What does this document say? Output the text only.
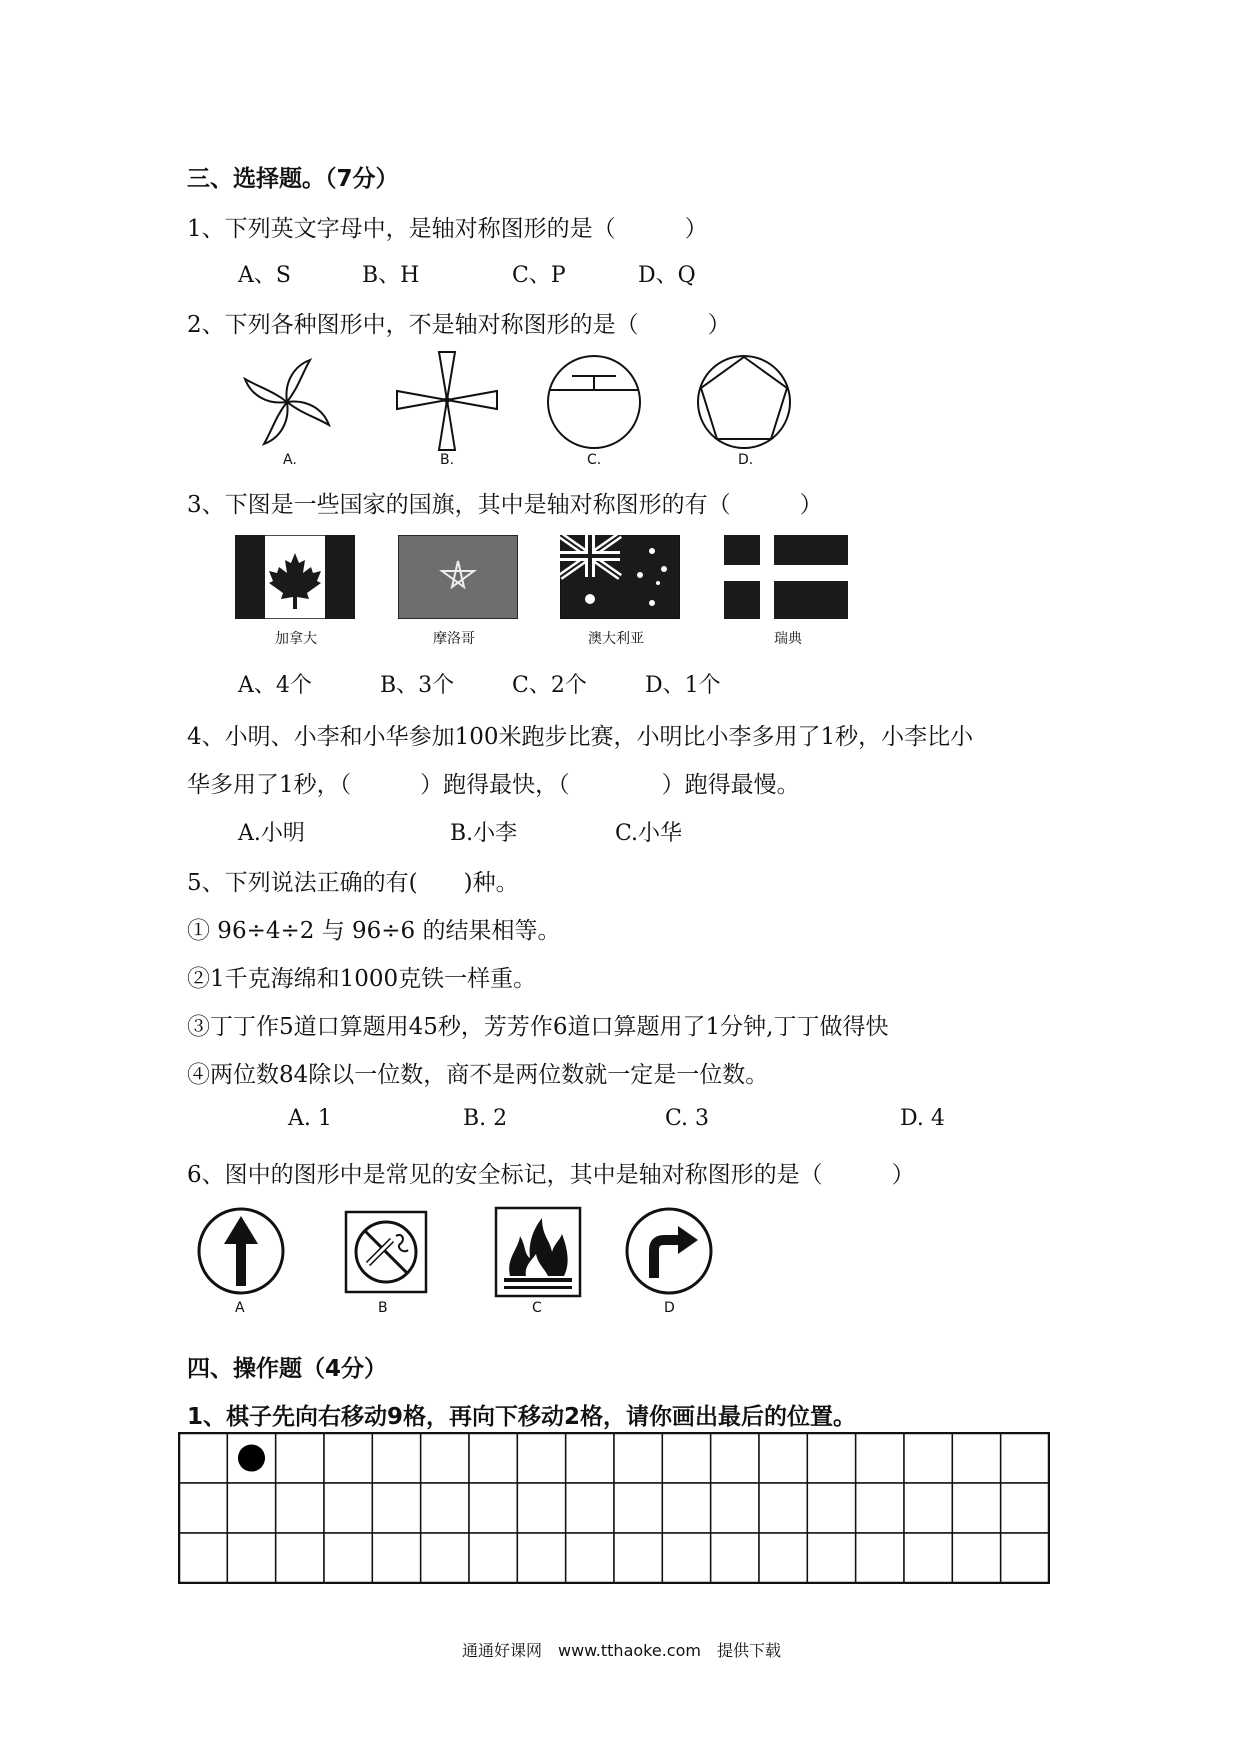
三、选择题。（7分）
1、下列英文字母中，是轴对称图形的是（　　　）
A、S	B、H	C、P	D、Q
2、下列各种图形中，不是轴对称图形的是（　　　）
A.	B.	C.	D.
3、下图是一些国家的国旗，其中是轴对称图形的有（　　　）
加拿大	摩洛哥	澳大利亚	瑞典
A、4个	B、3个	C、2个	D、1个
4、小明、小李和小华参加100米跑步比赛，小明比小李多用了1秒，小李比小
华多用了1秒，（　　　）跑得最快，（　　　　）跑得最慢。
A.小明	B.小李	C.小华
5、下列说法正确的有(　　)种。
① 96÷4÷2 与 96÷6 的结果相等。
②1千克海绵和1000克铁一样重。
③丁丁作5道口算题用45秒，芳芳作6道口算题用了1分钟,丁丁做得快
④两位数84除以一位数，商不是两位数就一定是一位数。
A. 1	B. 2	C. 3	D. 4
6、图中的图形中是常见的安全标记，其中是轴对称图形的是（　　　）
A	B	C	D
四、操作题（4分）
1、棋子先向右移动9格，再向下移动2格，请你画出最后的位置。
通通好课网　www.tthaoke.com　提供下载
